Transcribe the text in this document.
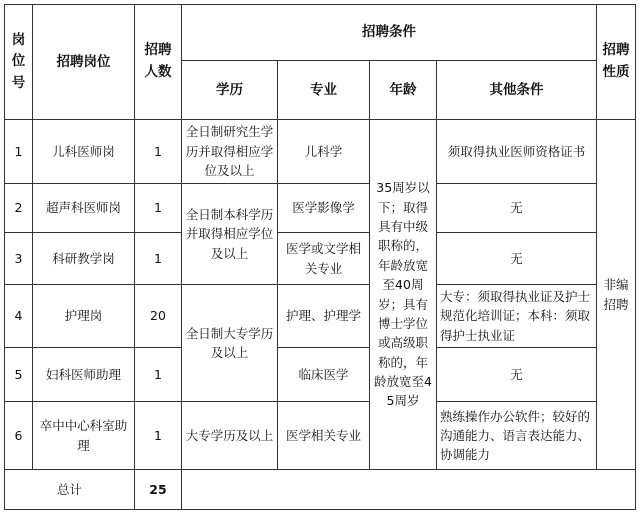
岗位号	招聘岗位	招聘人数	招聘条件				招聘性质
			学历	专业	年龄	其他条件	
1	儿科医师岗	1	全日制研究生学历并取得相应学位及以上	儿科学	35周岁以下；取得具有中级职称的，年龄放宽至40周岁；具有博士学位或高级职称的，年龄放宽至45周岁	须取得执业医师资格证书	非编招聘
2	超声科医师岗	1	全日制本科学历并取得相应学位及以上	医学影像学		无	
3	科研教学岗	1		医学或文学相关专业		无	
4	护理岗	20	全日制大专学历及以上	护理、护理学		大专：须取得执业证及护士规范化培训证；本科：须取得护士执业证	
5	妇科医师助理	1		临床医学		无	
6	卒中中心科室助理	1	大专学历及以上	医学相关专业		熟练操作办公软件；较好的沟通能力、语言表达能力、协调能力	
总计		25					
